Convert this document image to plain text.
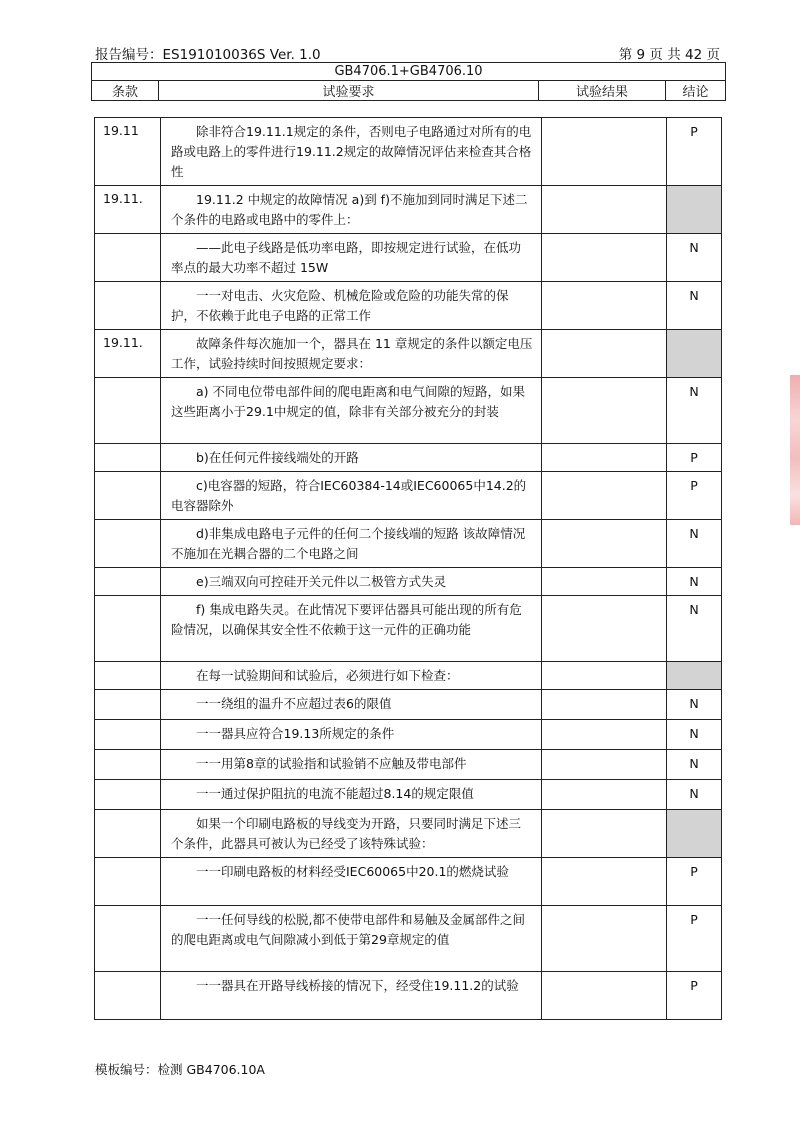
报告编号：ES191010036S Ver. 1.0	第 9 页 共 42 页
GB4706.1+GB4706.10
条款	试验要求	试验结果	结论
19.11	除非符合19.11.1规定的条件，否则电子电路通过对所有的电路或电路上的零件进行19.11.2规定的故障情况评估来检查其合格性		P
19.11.	19.11.2 中规定的故障情况 a)到 f)不施加到同时满足下述二个条件的电路或电路中的零件上：		

	——此电子线路是低功率电路，即按规定进行试验，在低功率点的最大功率不超过 15W		N

	一一对电击、火灾危险、机械危险或危险的功能失常的保护，不依赖于此电子电路的正常工作		N
19.11.	故障条件每次施加一个，器具在 11 章规定的条件以额定电压工作，试验持续时间按照规定要求：		

	a) 不同电位带电部件间的爬电距离和电气间隙的短路，如果这些距离小于29.1中规定的值，除非有关部分被充分的封装		N

	b)在任何元件接线端处的开路		P

	c)电容器的短路，符合IEC60384-14或IEC60065中14.2的电容器除外		P

	d)非集成电路电子元件的任何二个接线端的短路 该故障情况不施加在光耦合器的二个电路之间		N

	e)三端双向可控硅开关元件以二极管方式失灵		N

	f) 集成电路失灵。在此情况下要评估器具可能出现的所有危险情况，以确保其安全性不依赖于这一元件的正确功能		N

	在每一试验期间和试验后，必须进行如下检查：		

	一一绕组的温升不应超过表6的限值		N

	一一器具应符合19.13所规定的条件		N

	一一用第8章的试验指和试验销不应触及带电部件		N

	一一通过保护阻抗的电流不能超过8.14的规定限值		N

	如果一个印刷电路板的导线变为开路，只要同时满足下述三个条件，此器具可被认为已经受了该特殊试验：		

	一一印刷电路板的材料经受IEC60065中20.1的燃烧试验		P

	一一任何导线的松脱,都不使带电部件和易触及金属部件之间的爬电距离或电气间隙减小到低于第29章规定的值		P

	一一器具在开路导线桥接的情况下，经受住19.11.2的试验		P
模板编号：检测 GB4706.10A
